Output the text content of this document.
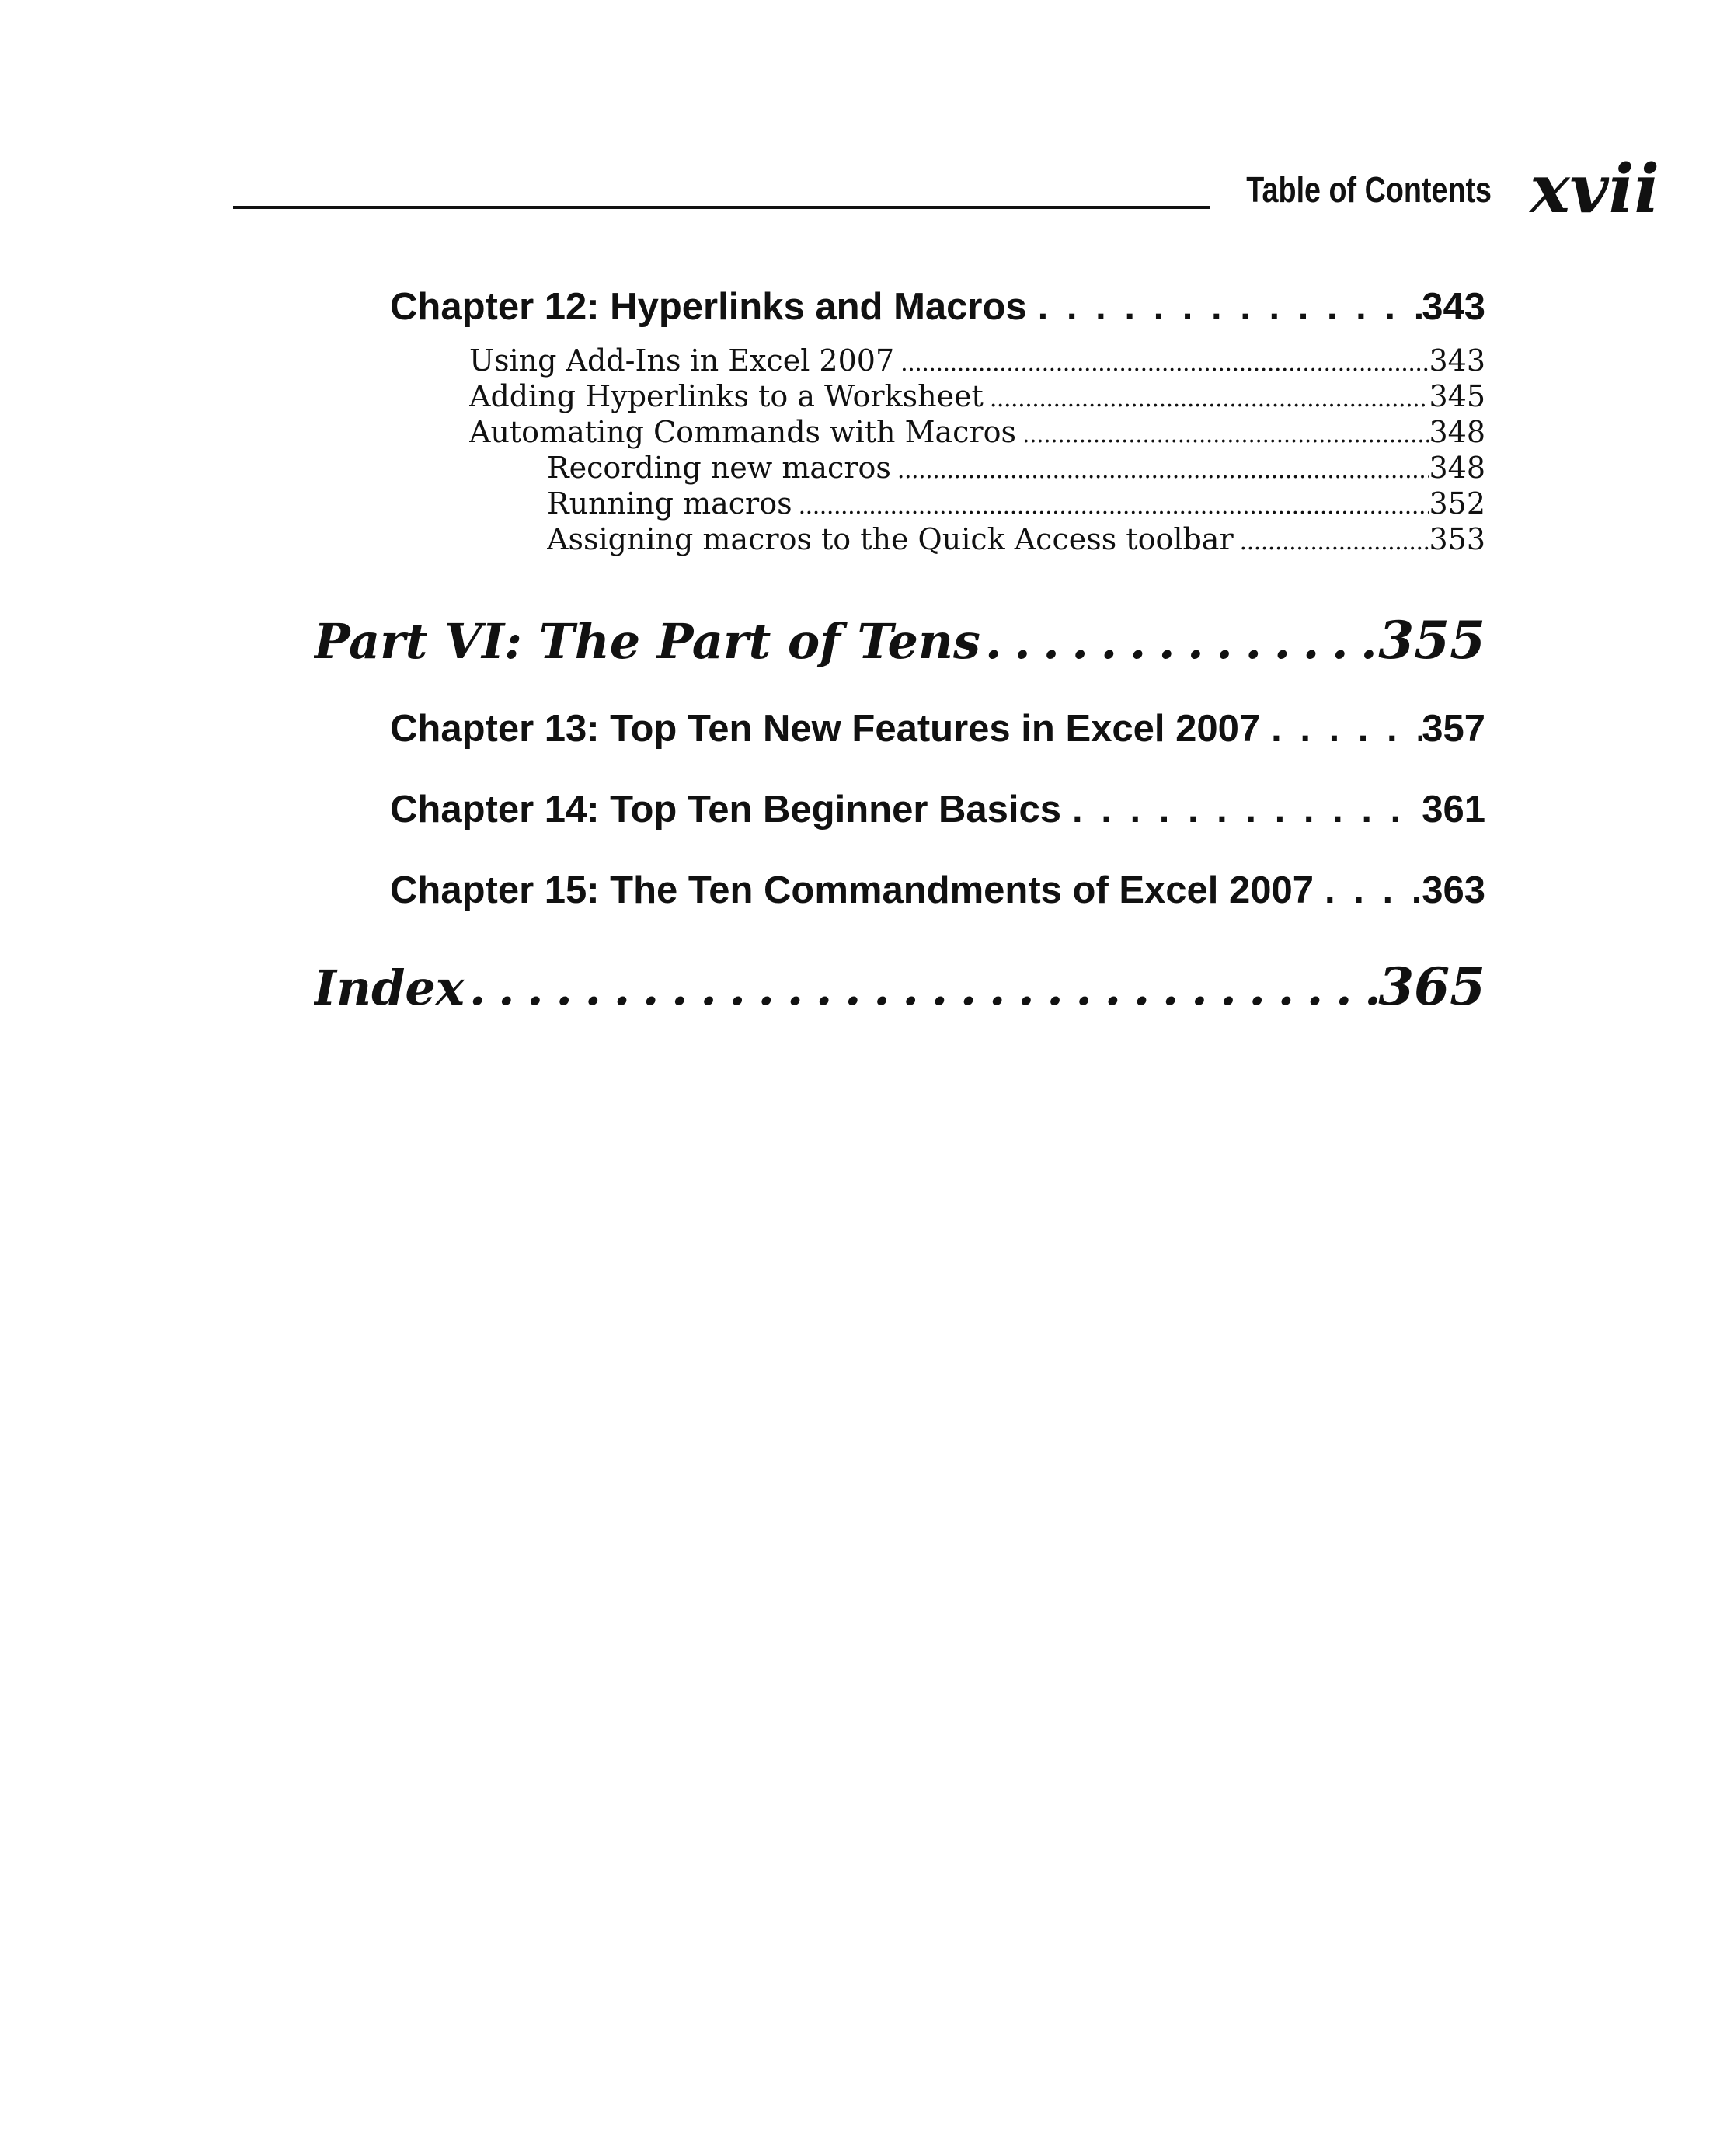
Table of Contents xvii
Chapter 12: Hyperlinks and Macros . . .	343
Using Add-Ins in Excel 2007 . . .	343
Adding Hyperlinks to a Worksheet . . .	345
Automating Commands with Macros . . .	348
Recording new macros . . .	348
Running macros . . .	352
Assigning macros to the Quick Access toolbar . . .	353
Part VI: The Part of Tens . . .	355
Chapter 13: Top Ten New Features in Excel 2007 . . .	357
Chapter 14: Top Ten Beginner Basics . . .	361
Chapter 15: The Ten Commandments of Excel 2007 . . .	363
Index . . .	365
